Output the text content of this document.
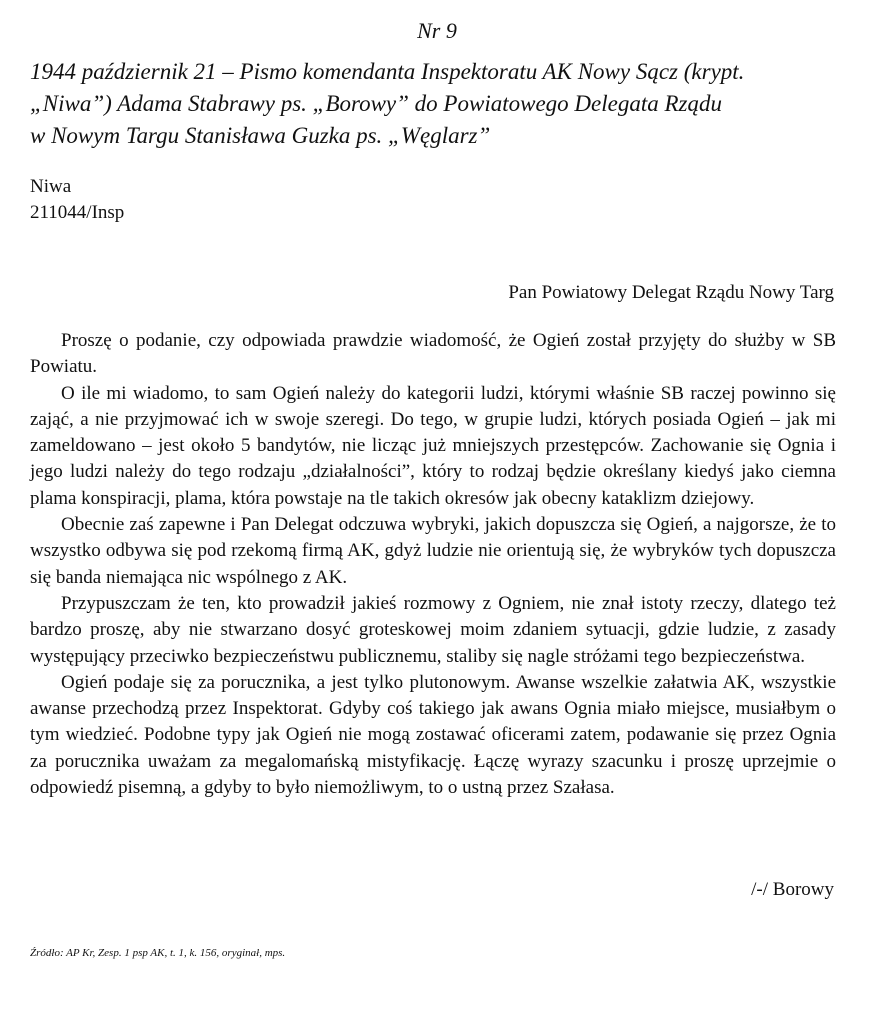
Nr 9
1944 październik 21 – Pismo komendanta Inspektoratu AK Nowy Sącz (krypt.
„Niwa”) Adama Stabrawy ps. „Borowy” do Powiatowego Delegata Rządu
w Nowym Targu Stanisława Guzka ps. „Węglarz”
Niwa
211044/Insp
Pan Powiatowy Delegat Rządu Nowy Targ

Proszę o podanie, czy odpowiada prawdzie wiadomość, że Ogień został przyjęty do służby w SB Powiatu.

O ile mi wiadomo, to sam Ogień należy do kategorii ludzi, którymi właśnie SB raczej powinno się zająć, a nie przyjmować ich w swoje szeregi. Do tego, w grupie ludzi, których posiada Ogień – jak mi zameldowano – jest około 5 bandytów, nie licząc już mniejszych przestępców. Zachowanie się Ognia i jego ludzi należy do tego rodzaju „działalności”, który to rodzaj będzie określany kiedyś jako ciemna plama konspiracji, plama, która powstaje na tle takich okresów jak obecny kataklizm dziejowy.

Obecnie zaś zapewne i Pan Delegat odczuwa wybryki, jakich dopuszcza się Ogień, a najgorsze, że to wszystko odbywa się pod rzekomą firmą AK, gdyż ludzie nie orientują się, że wybryków tych dopuszcza się banda niemająca nic wspólnego z AK.

Przypuszczam że ten, kto prowadził jakieś rozmowy z Ogniem, nie znał istoty rzeczy, dlatego też bardzo proszę, aby nie stwarzano dosyć groteskowej moim zdaniem sytuacji, gdzie ludzie, z zasady występujący przeciwko bezpieczeństwu publicznemu, staliby się nagle stróżami tego bezpieczeństwa.

Ogień podaje się za porucznika, a jest tylko plutonowym. Awanse wszelkie załatwia AK, wszystkie awanse przechodzą przez Inspektorat. Gdyby coś takiego jak awans Ognia miało miejsce, musiałbym o tym wiedzieć. Podobne typy jak Ogień nie mogą zostawać oficerami zatem, podawanie się przez Ognia za porucznika uważam za megalomańską mistyfikację. Łączę wyrazy szacunku i proszę uprzejmie o odpowiedź pisemną, a gdyby to było niemożliwym, to o ustną przez Szałasa.

/-/ Borowy
Źródło: AP Kr, Zesp. 1 psp AK, t. 1, k. 156, oryginał, mps.
